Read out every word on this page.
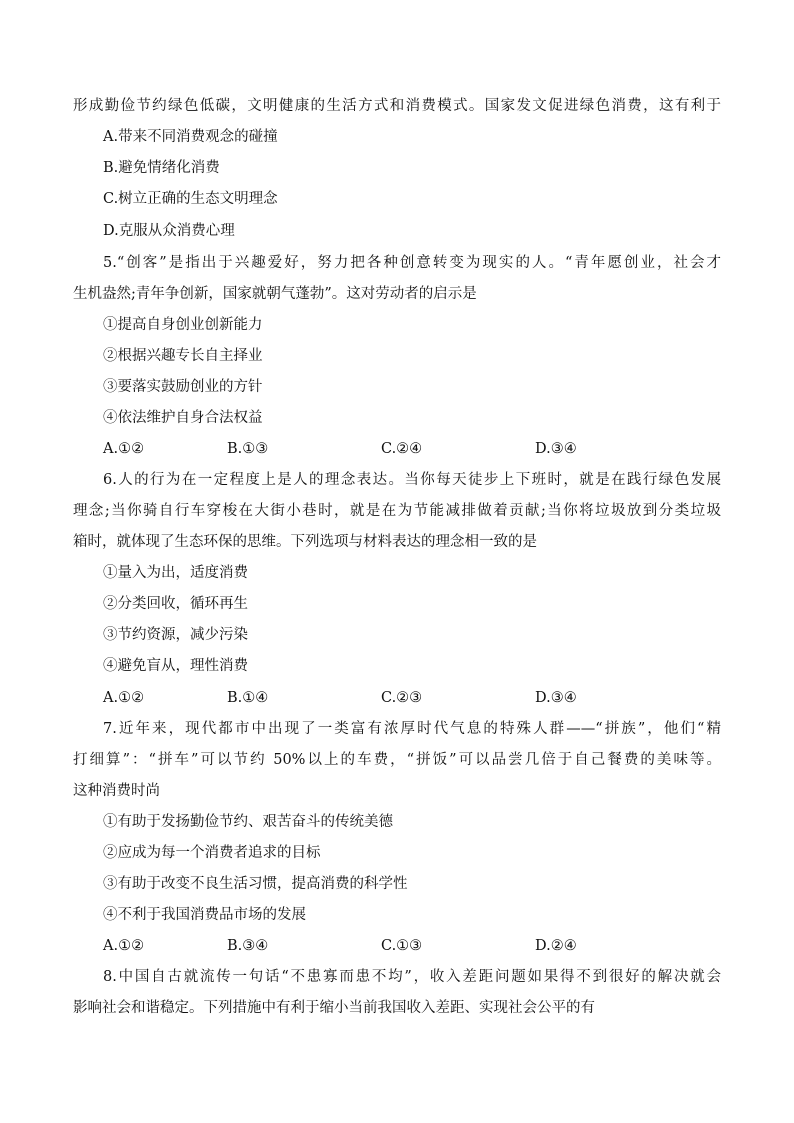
形成勤俭节约绿色低碳，文明健康的生活方式和消费模式。国家发文促进绿色消费，这有利于
A.带来不同消费观念的碰撞
B.避免情绪化消费
C.树立正确的生态文明理念
D.克服从众消费心理
5.“创客”是指出于兴趣爱好，努力把各种创意转变为现实的人。“青年愿创业，社会才
生机盎然;青年争创新，国家就朝气蓬勃”。这对劳动者的启示是
①提高自身创业创新能力
②根据兴趣专长自主择业
③要落实鼓励创业的方针
④依法维护自身合法权益
A.①②	B.①③	C.②④	D.③④
6.人的行为在一定程度上是人的理念表达。当你每天徒步上下班时，就是在践行绿色发展
理念;当你骑自行车穿梭在大街小巷时，就是在为节能减排做着贡献;当你将垃圾放到分类垃圾
箱时，就体现了生态环保的思维。下列选项与材料表达的理念相一致的是
①量入为出，适度消费
②分类回收，循环再生
③节约资源，减少污染
④避免盲从，理性消费
A.①②	B.①④	C.②③	D.③④
7.近年来，现代都市中出现了一类富有浓厚时代气息的特殊人群——“拼族”，他们“精
打细算”：“拼车”可以节约 50%以上的车费，“拼饭”可以品尝几倍于自己餐费的美味等。
这种消费时尚
①有助于发扬勤俭节约、艰苦奋斗的传统美德
②应成为每一个消费者追求的目标
③有助于改变不良生活习惯，提高消费的科学性
④不利于我国消费品市场的发展
A.①②	B.③④	C.①③	D.②④
8.中国自古就流传一句话“不患寡而患不均”，收入差距问题如果得不到很好的解决就会
影响社会和谐稳定。下列措施中有利于缩小当前我国收入差距、实现社会公平的有
